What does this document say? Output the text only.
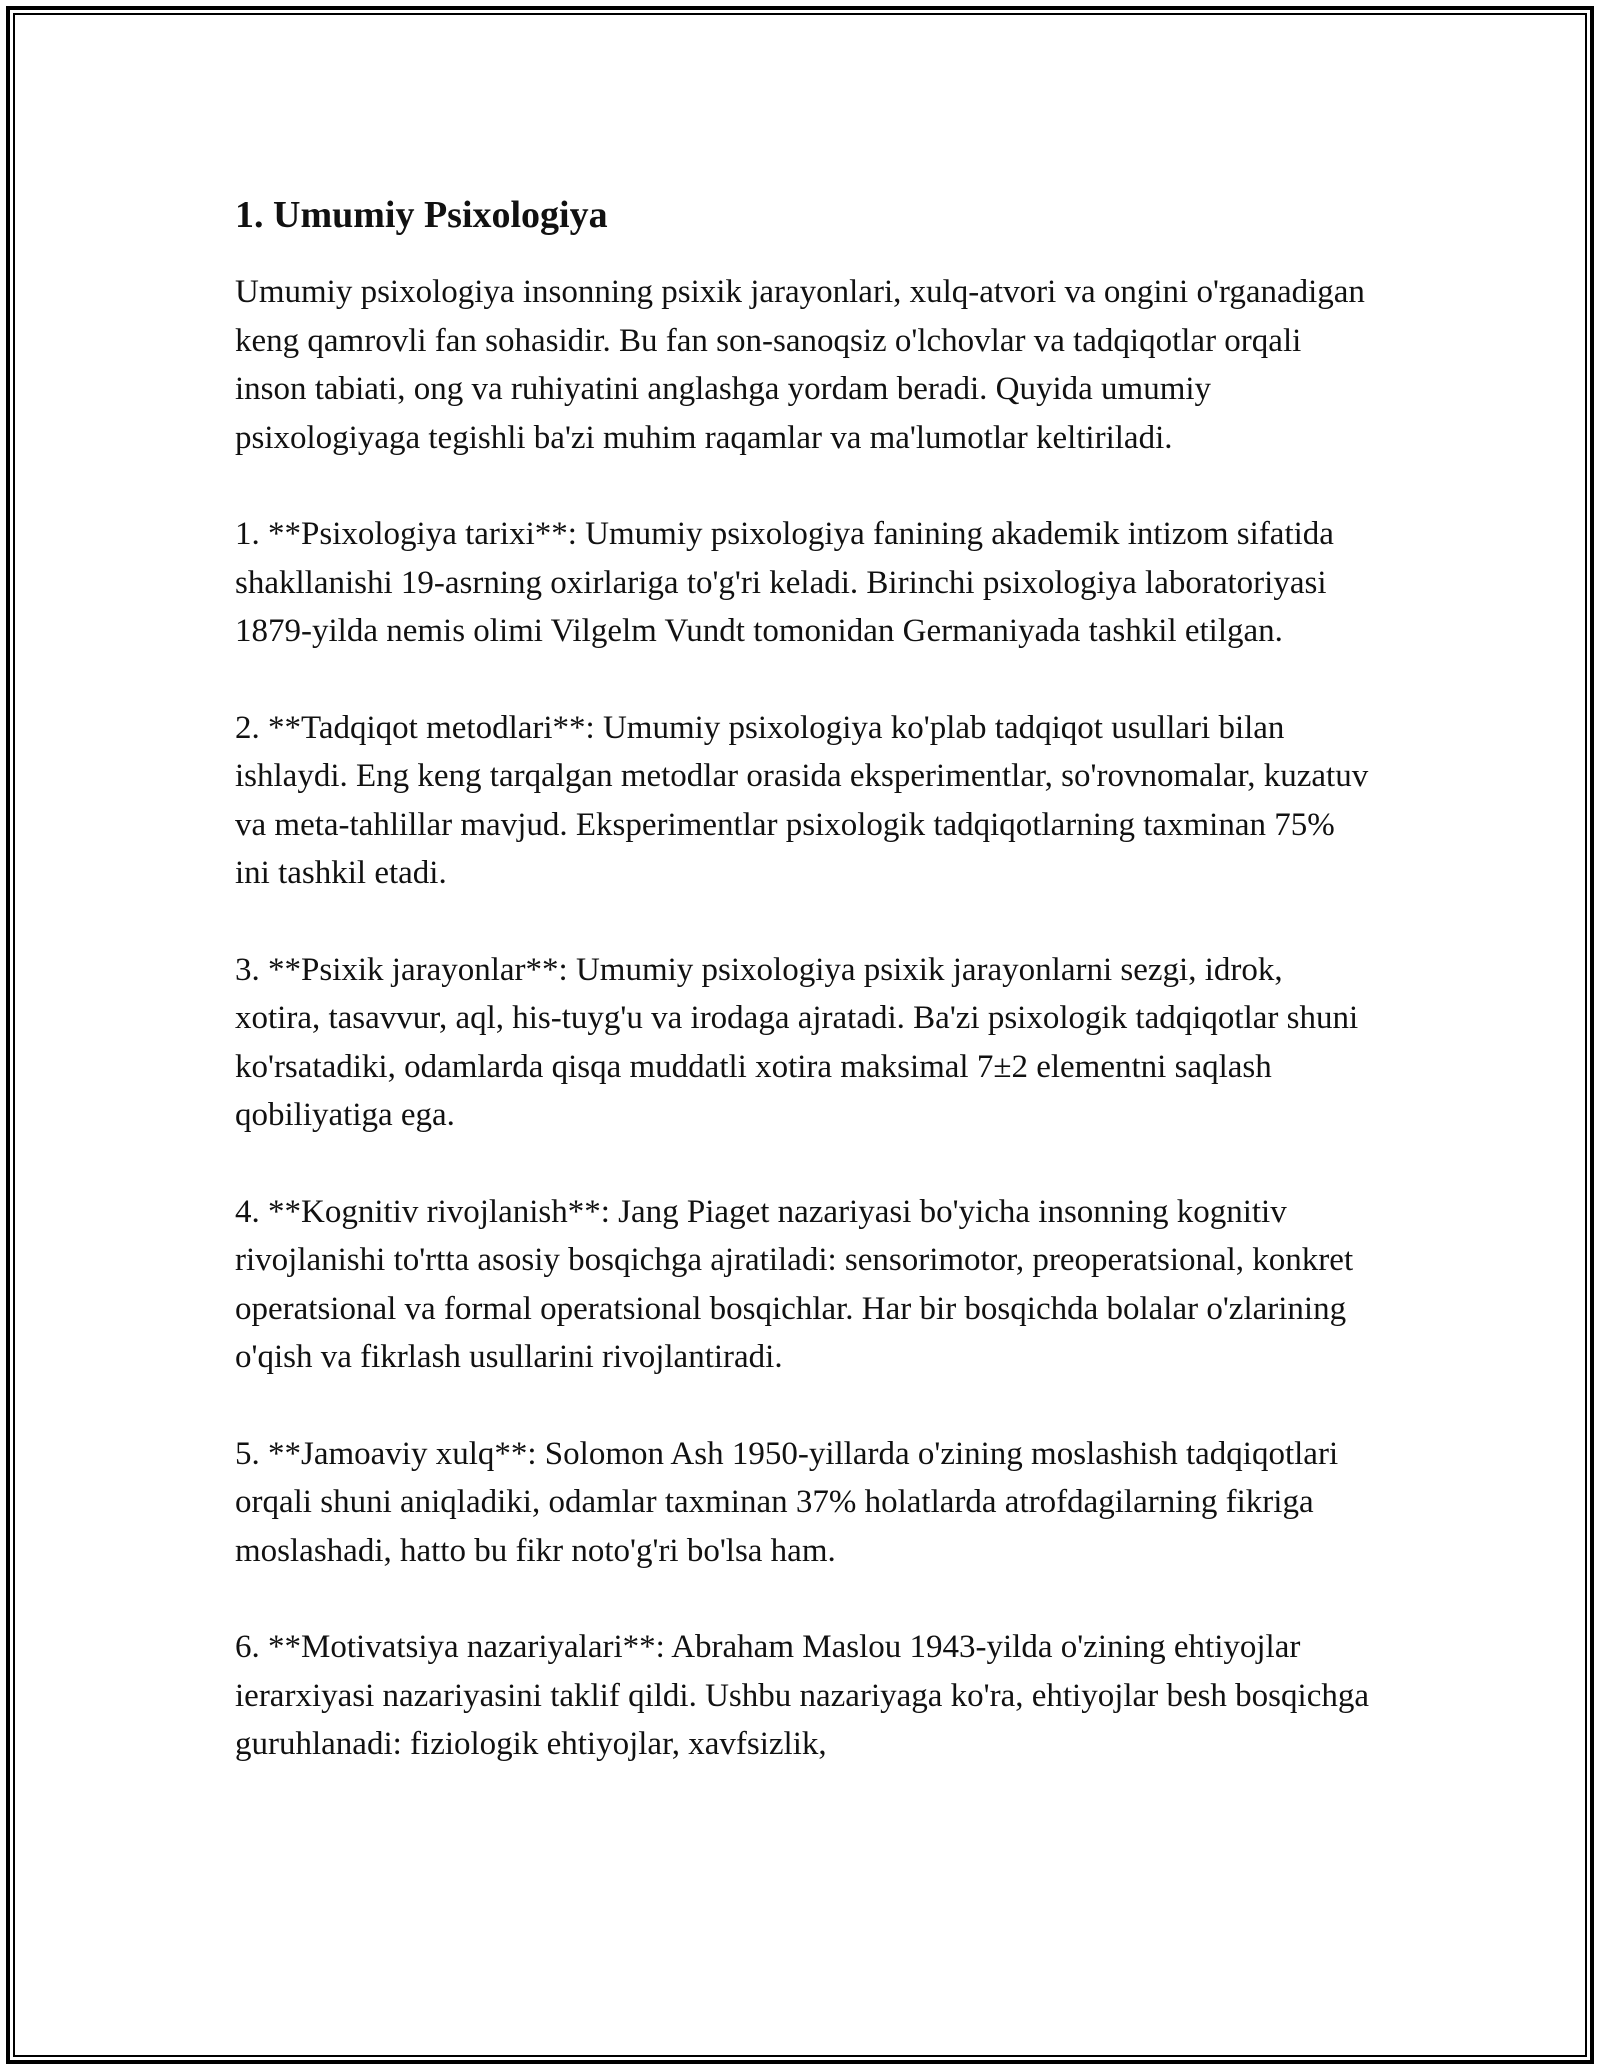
1. Umumiy Psixologiya

Umumiy psixologiya insonning psixik jarayonlari, xulq-atvori va ongini o'rganadigan keng qamrovli fan sohasidir. Bu fan son-sanoqsiz o'lchovlar va tadqiqotlar orqali inson tabiati, ong va ruhiyatini anglashga yordam beradi. Quyida umumiy psixologiyaga tegishli ba'zi muhim raqamlar va ma'lumotlar keltiriladi.

1. **Psixologiya tarixi**: Umumiy psixologiya fanining akademik intizom sifatida shakllanishi 19-asrning oxirlariga to'g'ri keladi. Birinchi psixologiya laboratoriyasi 1879-yilda nemis olimi Vilgelm Vundt tomonidan Germaniyada tashkil etilgan.

2. **Tadqiqot metodlari**: Umumiy psixologiya ko'plab tadqiqot usullari bilan ishlaydi. Eng keng tarqalgan metodlar orasida eksperimentlar, so'rovnomalar, kuzatuv va meta-tahlillar mavjud. Eksperimentlar psixologik tadqiqotlarning taxminan 75% ini tashkil etadi.

3. **Psixik jarayonlar**: Umumiy psixologiya psixik jarayonlarni sezgi, idrok, xotira, tasavvur, aql, his-tuyg'u va irodaga ajratadi. Ba'zi psixologik tadqiqotlar shuni ko'rsatadiki, odamlarda qisqa muddatli xotira maksimal 7±2 elementni saqlash qobiliyatiga ega.

4. **Kognitiv rivojlanish**: Jang Piaget nazariyasi bo'yicha insonning kognitiv rivojlanishi to'rtta asosiy bosqichga ajratiladi: sensorimotor, preoperatsional, konkret operatsional va formal operatsional bosqichlar. Har bir bosqichda bolalar o'zlarining o'qish va fikrlash usullarini rivojlantiradi.

5. **Jamoaviy xulq**: Solomon Ash 1950-yillarda o'zining moslashish tadqiqotlari orqali shuni aniqladiki, odamlar taxminan 37% holatlarda atrofdagilarning fikriga moslashadi, hatto bu fikr noto'g'ri bo'lsa ham.

6. **Motivatsiya nazariyalari**: Abraham Maslou 1943-yilda o'zining ehtiyojlar ierarxiyasi nazariyasini taklif qildi. Ushbu nazariyaga ko'ra, ehtiyojlar besh bosqichga guruhlanadi: fiziologik ehtiyojlar, xavfsizlik,
